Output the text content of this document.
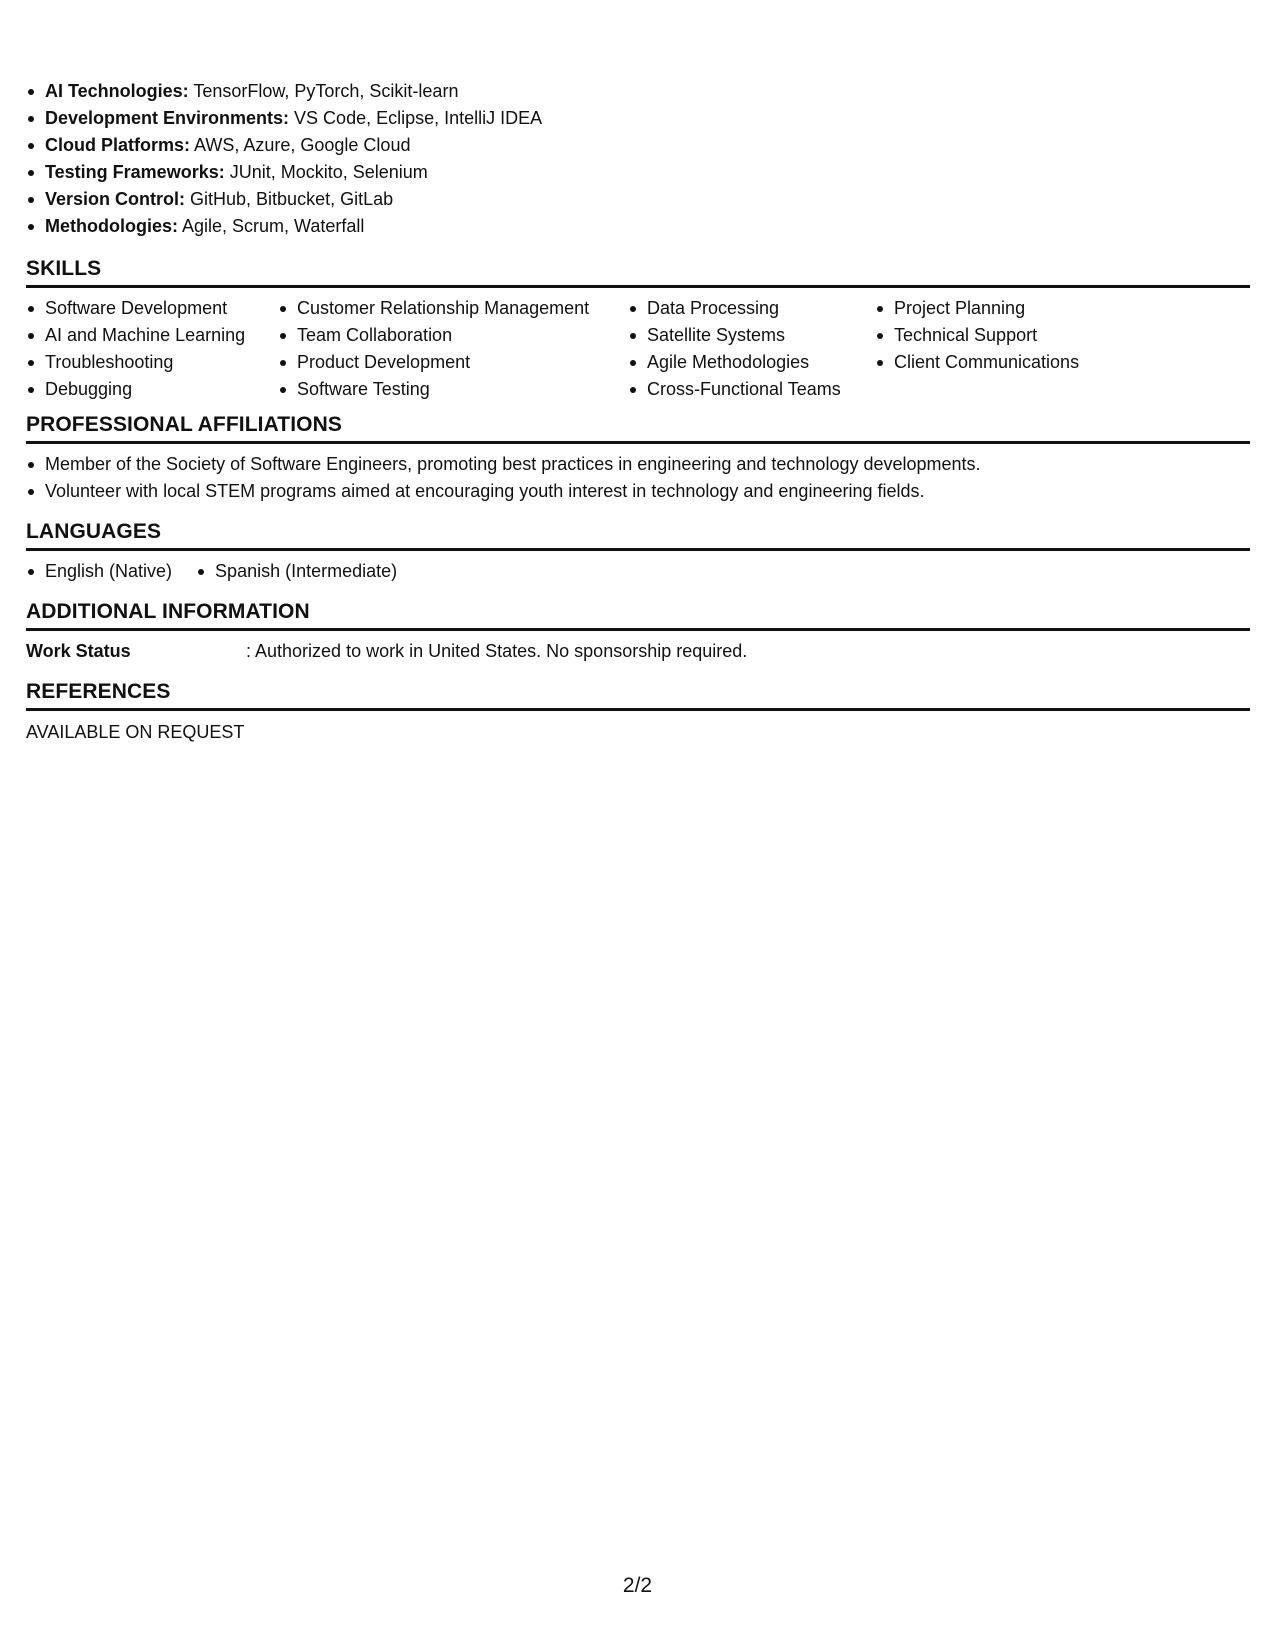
AI Technologies: TensorFlow, PyTorch, Scikit-learn
Development Environments: VS Code, Eclipse, IntelliJ IDEA
Cloud Platforms: AWS, Azure, Google Cloud
Testing Frameworks: JUnit, Mockito, Selenium
Version Control: GitHub, Bitbucket, GitLab
Methodologies: Agile, Scrum, Waterfall
SKILLS
Software Development
AI and Machine Learning
Troubleshooting
Debugging
Customer Relationship Management
Team Collaboration
Product Development
Software Testing
Data Processing
Satellite Systems
Agile Methodologies
Cross-Functional Teams
Project Planning
Technical Support
Client Communications
PROFESSIONAL AFFILIATIONS
Member of the Society of Software Engineers, promoting best practices in engineering and technology developments.
Volunteer with local STEM programs aimed at encouraging youth interest in technology and engineering fields.
LANGUAGES
English (Native)	Spanish (Intermediate)
ADDITIONAL INFORMATION
Work Status	: Authorized to work in United States. No sponsorship required.
REFERENCES
AVAILABLE ON REQUEST
2/2
